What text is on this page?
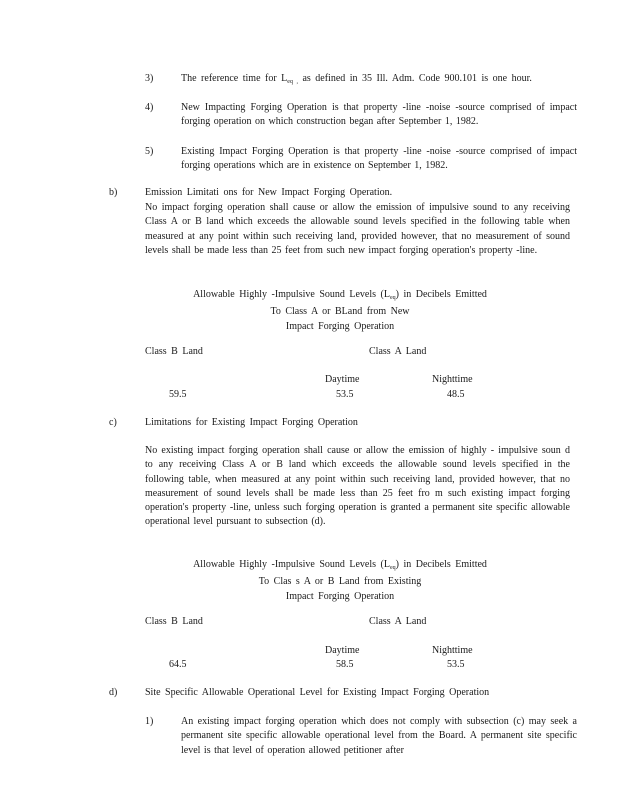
3)	The reference time for $L_{eq ,}$ as defined in 35 Ill. Adm. Code 900.101 is one hour.
4)	New Impacting Forging Operation is that property -line -noise -source comprised of impact forging operation on which construction began after September 1, 1982.
5)	Existing Impact Forging Operation is that property -line -noise -source comprised of impact forging operations which are in existence on September 1, 1982.
b)	Emission Limitati ons for New Impact Forging Operation.
No impact forging operation shall cause or allow the emission of impulsive sound to any receiving Class A or B land which exceeds the allowable sound levels specified in the following table when measured at any point within such receiving land, provided however, that no measurement of sound levels shall be made less than 25 feet from such new impact forging operation's property -line.
Allowable Highly -Impulsive Sound Levels $(L_{eq})$ in Decibels Emitted
To Class A or BLand from New
Impact Forging Operation
Class B Land	Class A Land
Daytime	Nighttime
59.5	53.5	48.5
c)	Limitations for Existing Impact Forging Operation
No existing impact forging operation shall cause or allow the emission of highly - impulsive soun d to any receiving Class A or B land which exceeds the allowable sound levels specified in the following table, when measured at any point within such receiving land, provided however, that no measurement of sound levels shall be made less than 25 feet fro m such existing impact forging operation's property -line, unless such forging operation is granted a permanent site specific allowable operational level pursuant to subsection (d).
Allowable Highly -Impulsive Sound Levels $(L_{eq})$ in Decibels Emitted
To Clas s A or B Land from Existing
Impact Forging Operation
Class B Land	Class A Land
Daytime	Nighttime
64.5	58.5	53.5
d)	Site Specific Allowable Operational Level for Existing Impact Forging Operation
1)	An existing impact forging operation which does not comply with subsection (c) may seek a permanent site specific allowable operational level from the Board. A permanent site specific level is that level of operation allowed petitioner after
